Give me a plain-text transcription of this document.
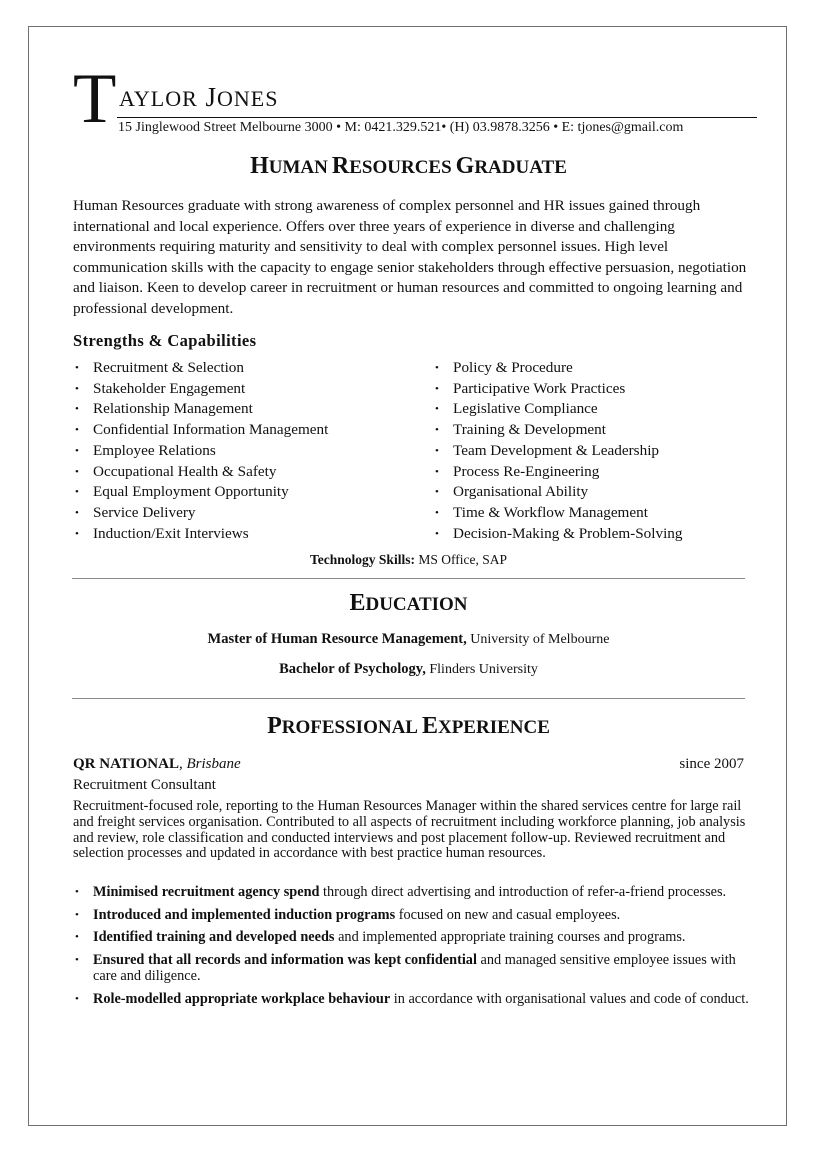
T AYLOR JONES
15 Jinglewood Street Melbourne 3000 • M: 0421.329.521• (H) 03.9878.3256 • E: tjones@gmail.com
HUMAN RESOURCES GRADUATE
Human Resources graduate with strong awareness of complex personnel and HR issues gained through international and local experience. Offers over three years of experience in diverse and challenging environments requiring maturity and sensitivity to deal with complex personnel issues. High level communication skills with the capacity to engage senior stakeholders through effective persuasion, negotiation and liaison. Keen to develop career in recruitment or human resources and committed to ongoing learning and professional development.
Strengths & Capabilities
• Recruitment & Selection
• Stakeholder Engagement
• Relationship Management
• Confidential Information Management
• Employee Relations
• Occupational Health & Safety
• Equal Employment Opportunity
• Service Delivery
• Induction/Exit Interviews
• Policy & Procedure
• Participative Work Practices
• Legislative Compliance
• Training & Development
• Team Development & Leadership
• Process Re-Engineering
• Organisational Ability
• Time & Workflow Management
• Decision-Making & Problem-Solving
Technology Skills: MS Office, SAP
EDUCATION
Master of Human Resource Management, University of Melbourne
Bachelor of Psychology, Flinders University
PROFESSIONAL EXPERIENCE
QR NATIONAL, Brisbane	since 2007
Recruitment Consultant
Recruitment-focused role, reporting to the Human Resources Manager within the shared services centre for large rail and freight services organisation. Contributed to all aspects of recruitment including workforce planning, job analysis and review, role classification and conducted interviews and post placement follow-up. Reviewed recruitment and selection processes and updated in accordance with best practice human resources.
• Minimised recruitment agency spend through direct advertising and introduction of refer-a-friend processes.
• Introduced and implemented induction programs focused on new and casual employees.
• Identified training and developed needs and implemented appropriate training courses and programs.
• Ensured that all records and information was kept confidential and managed sensitive employee issues with care and diligence.
• Role-modelled appropriate workplace behaviour in accordance with organisational values and code of conduct.
